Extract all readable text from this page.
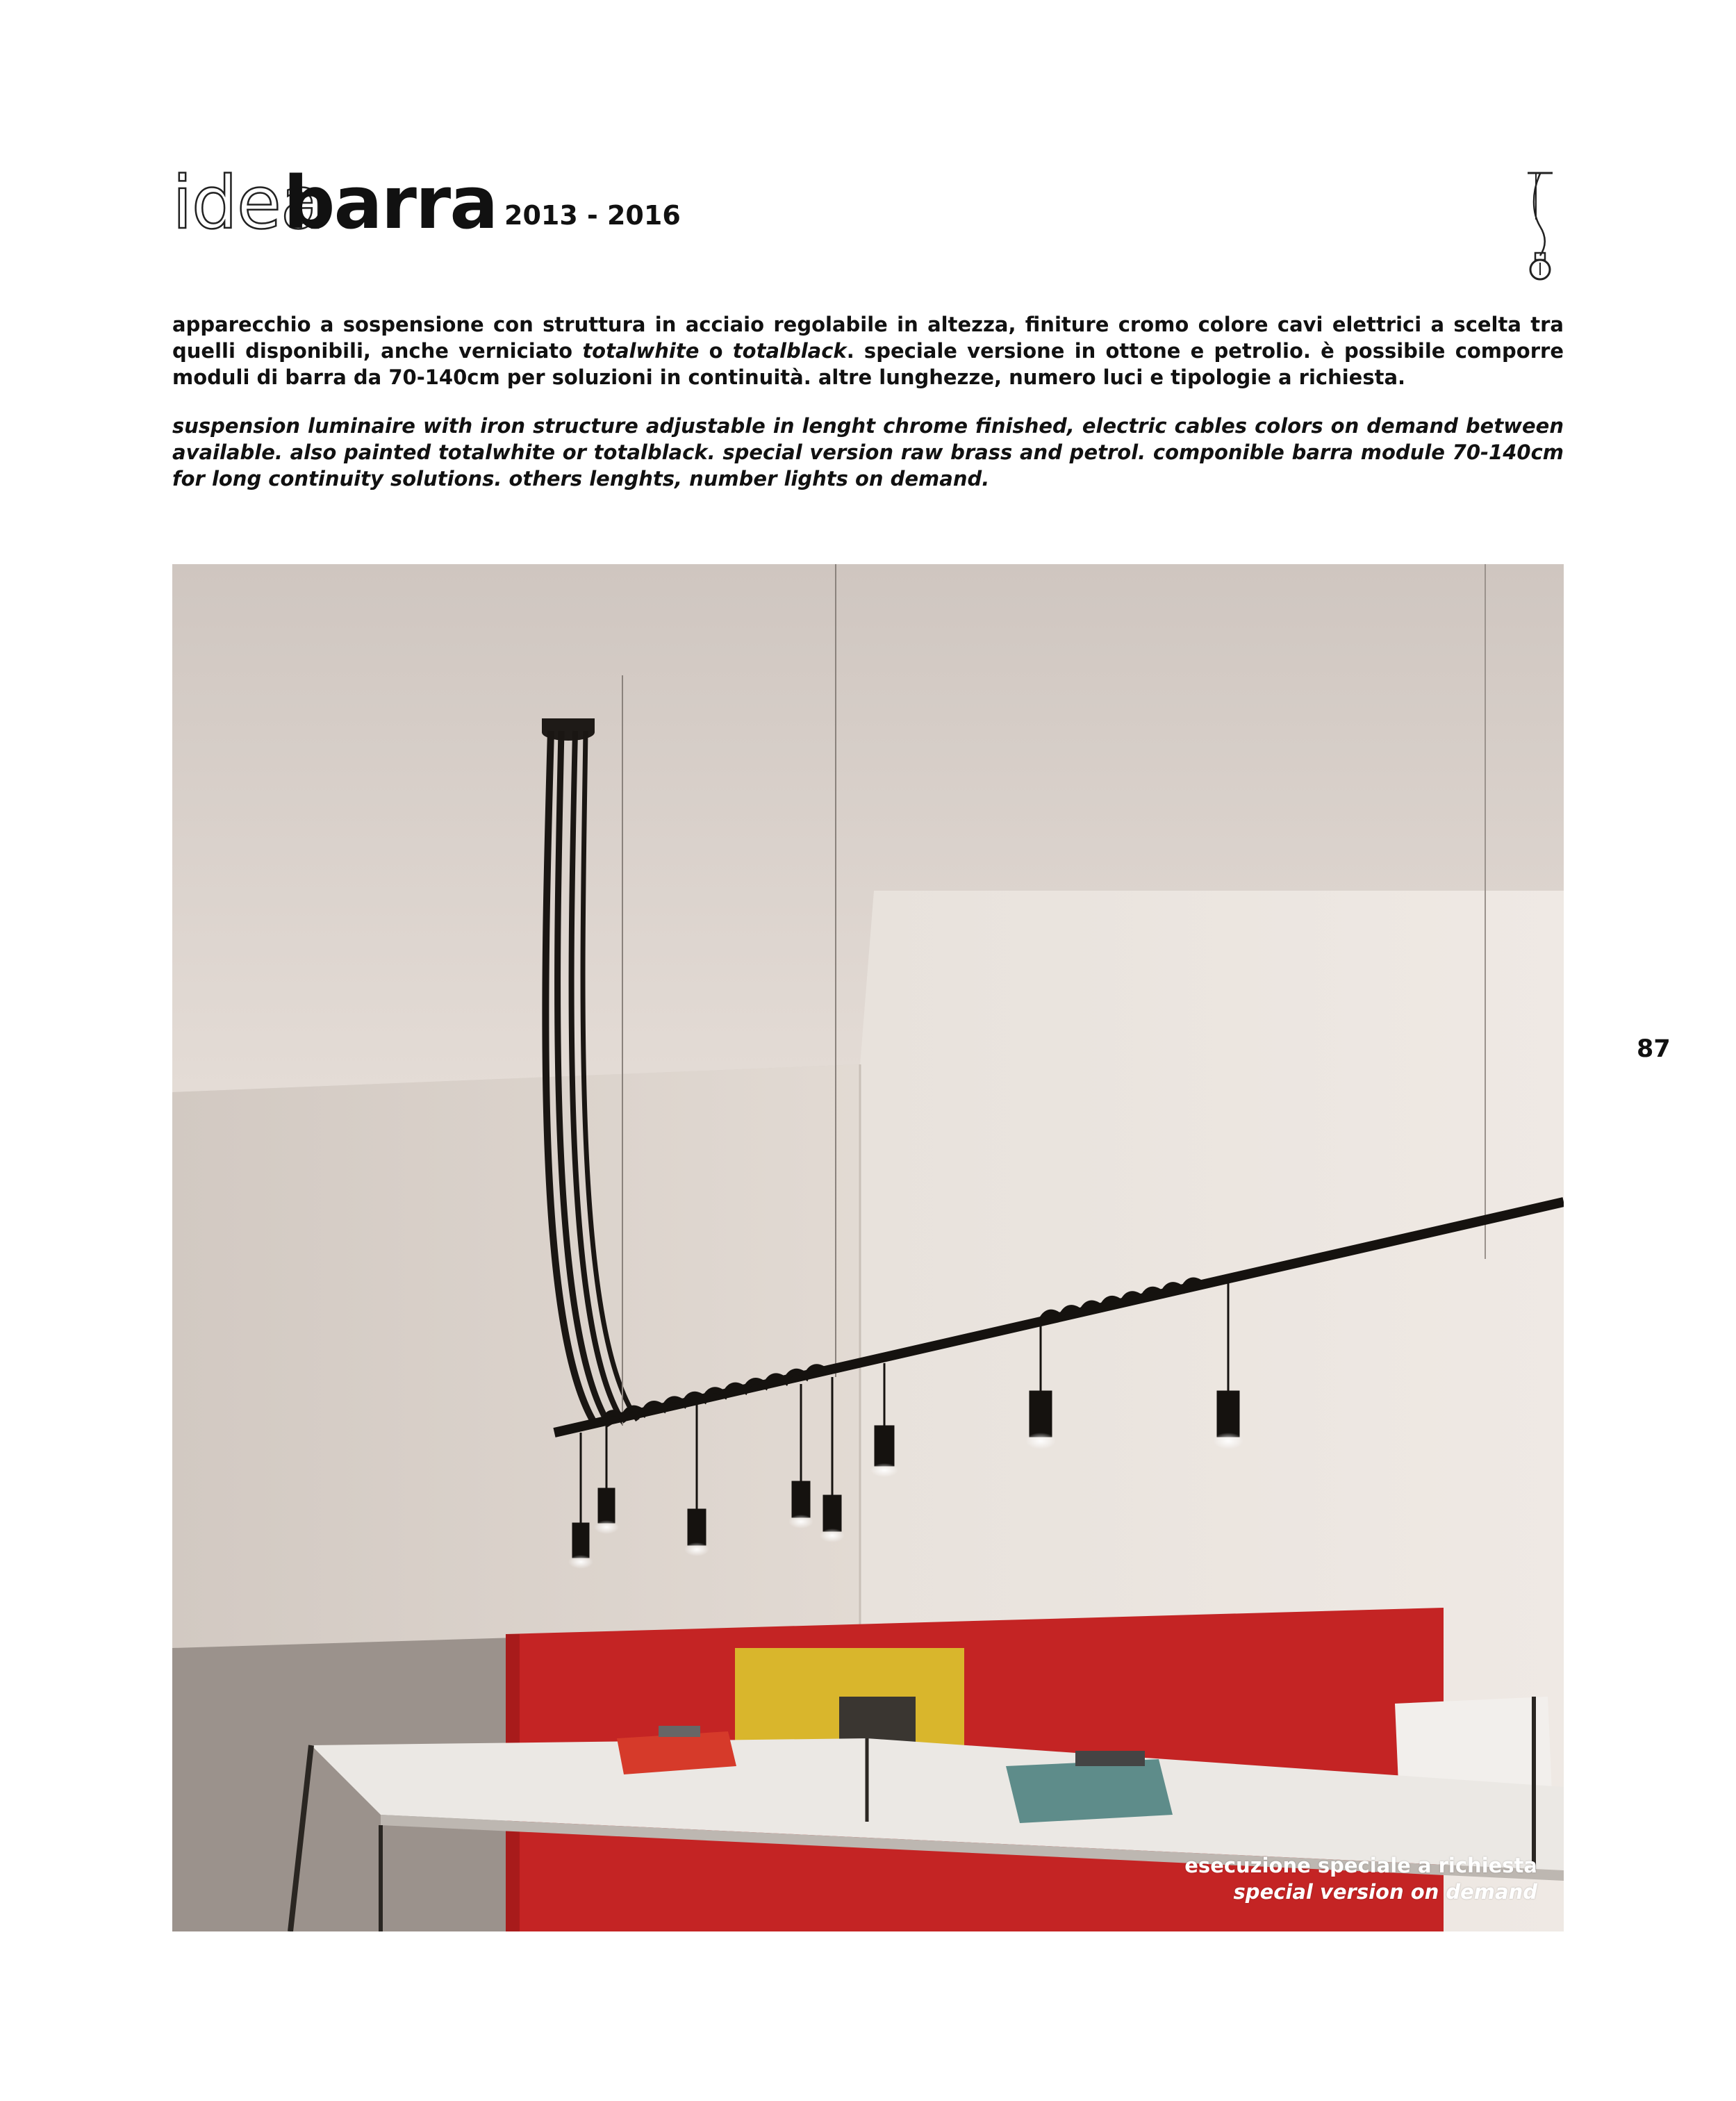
idea
barra 2013 - 2016

apparecchio a sospensione con struttura in acciaio regolabile in altezza, finiture cromo colore cavi elettrici a scelta tra quelli disponibili, anche verniciato totalwhite o totalblack. speciale versione in ottone e petrolio. è possibile comporre moduli di barra da 70-140cm per soluzioni in continuità. altre lunghezze, numero luci e tipologie a richiesta.

suspension luminaire with iron structure adjustable in lenght chrome finished, electric cables colors on demand between available. also painted totalwhite or totalblack. special version raw brass and petrol. componible barra module 70-140cm for long continuity solutions. others lenghts, number lights on demand.

esecuzione speciale a richiesta
special version on demand
87
